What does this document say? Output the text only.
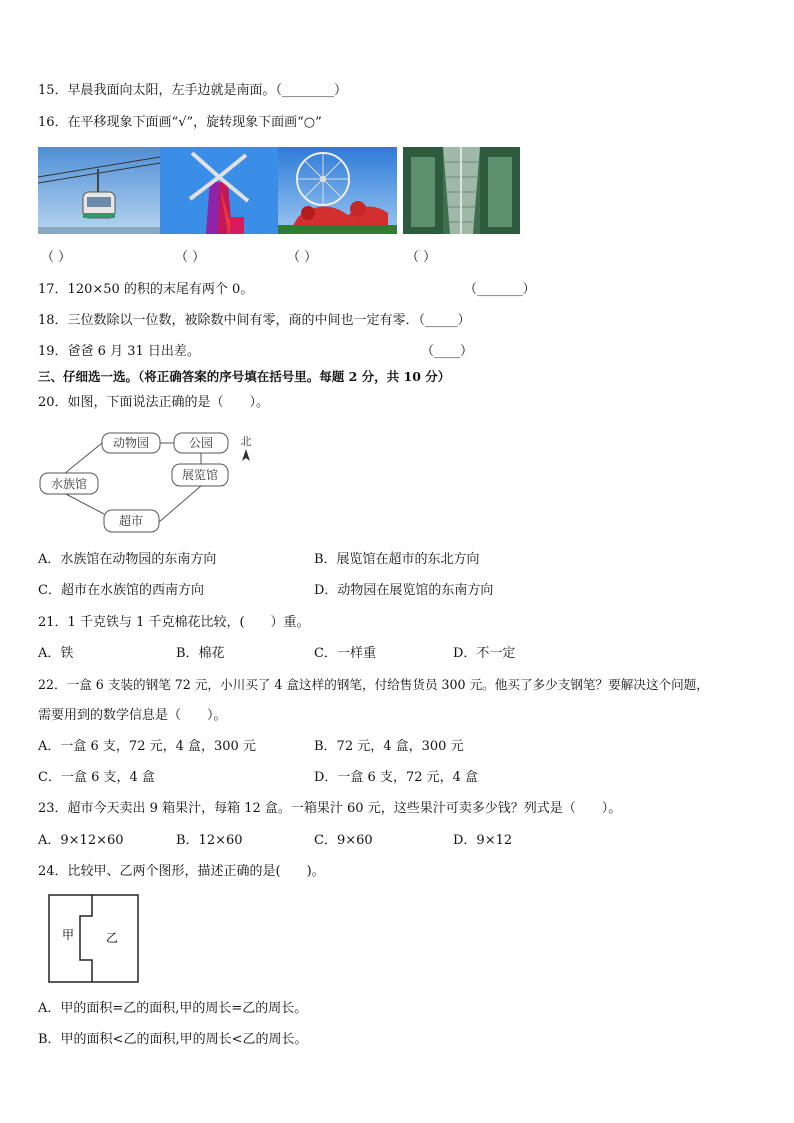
15．早晨我面向太阳，左手边就是南面。（________）
16．在平移现象下面画“√”，旋转现象下面画“○”
（ ）	（ ）	（ ）	（ ）
17．120×50 的积的末尾有两个 0。	（_______）
18．三位数除以一位数，被除数中间有零，商的中间也一定有零．（_____）
19．爸爸 6 月 31 日出差。	（____）
三、仔细选一选。（将正确答案的序号填在括号里。每题 2 分，共 10 分）
20．如图，下面说法正确的是（　　）。
动物园	公园
展览馆
水族馆
超市
北
A．水族馆在动物园的东南方向	B．展览馆在超市的东北方向
C．超市在水族馆的西南方向	D．动物园在展览馆的东南方向
21．1 千克铁与 1 千克棉花比较，(　　）重。
A．铁	B．棉花	C．一样重	D．不一定
22．一盒 6 支装的钢笔 72 元，小川买了 4 盒这样的钢笔，付给售货员 300 元。他买了多少支钢笔？要解决这个问题，
需要用到的数学信息是（　　）。
A．一盒 6 支，72 元，4 盒，300 元	B．72 元，4 盒，300 元
C．一盒 6 支，4 盒	D．一盒 6 支，72 元，4 盒
23．超市今天卖出 9 箱果汁，每箱 12 盒。一箱果汁 60 元，这些果汁可卖多少钱？列式是（　　）。
A．9×12×60	B．12×60	C．9×60	D．9×12
24．比较甲、乙两个图形，描述正确的是(　　)。
甲	乙
A．甲的面积=乙的面积,甲的周长=乙的周长。
B．甲的面积<乙的面积,甲的周长<乙的周长。
